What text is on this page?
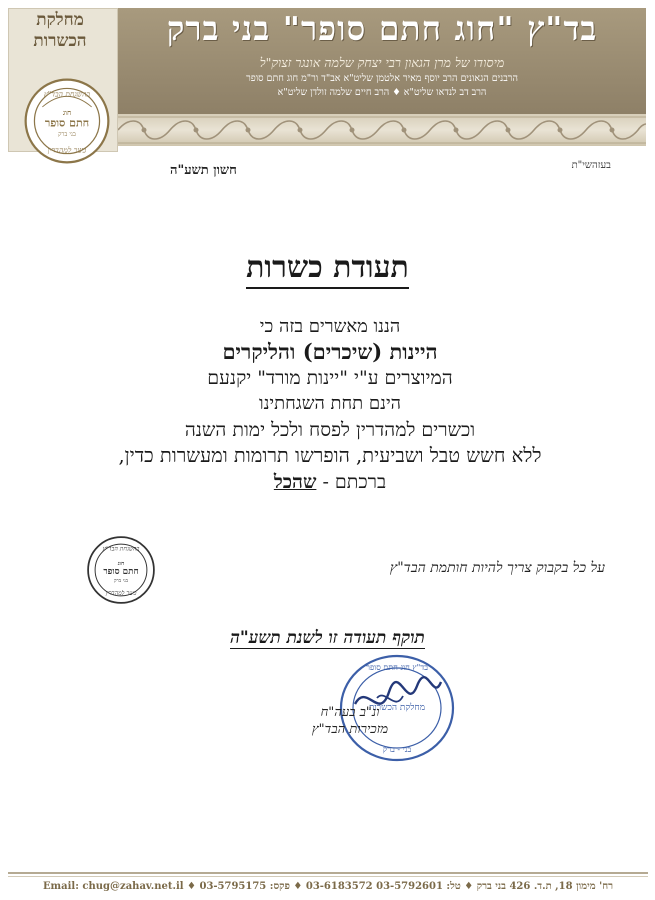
בד"ץ "חוג חתם סופר" בני ברק
מיסודו של מרן הגאון רבי יצחק שלמה אונגר זצוק"ל
הרבנים הגאונים הרב יוסף מאיר אלטמן שליט"א אב"ד ור"מ חוג חתם סופר
הרב דב לנדאו שליט"א ♦ הרב חיים שלמה זולדן שליט"א
מחלקת
הכשרות
בהשגחת הבד"ץ
חוג
חתם סופר
בני ברק
כשר למהדרין
בעזהשי"ת
חשון תשע"ה
תעודת כשרות
הננו מאשרים בזה כי
היינות (שיכרים) והליקרים
המיוצרים ע"י "יינות מורד" יקנעם
הינם תחת השגחתינו
וכשרים למהדרין לפסח ולכל ימות השנה
ללא חשש טבל ושביעית, הופרשו תרומות ומעשרות כדין,
ברכתם - שהכל
בהשגחת הבד"ץ
חוג
חתם סופר
בני ברק
כשר למהדרין
על כל בקבוק צריך להיות חותמת הבד"ץ
תוקף תעודה זו לשנת תשע"ה
בד"ץ חוג חתם סופר
מחלקת הכשרות
בני - ברק
ונ"ב בעה"ח
מזכירות הבד"ץ
רח' מימון 18, ת.ד. 426 בני ברק ♦ טל: 03-5792601 03-6183572 ♦ פקס: 03-5795175 ♦ Email: chug@zahav.net.il
